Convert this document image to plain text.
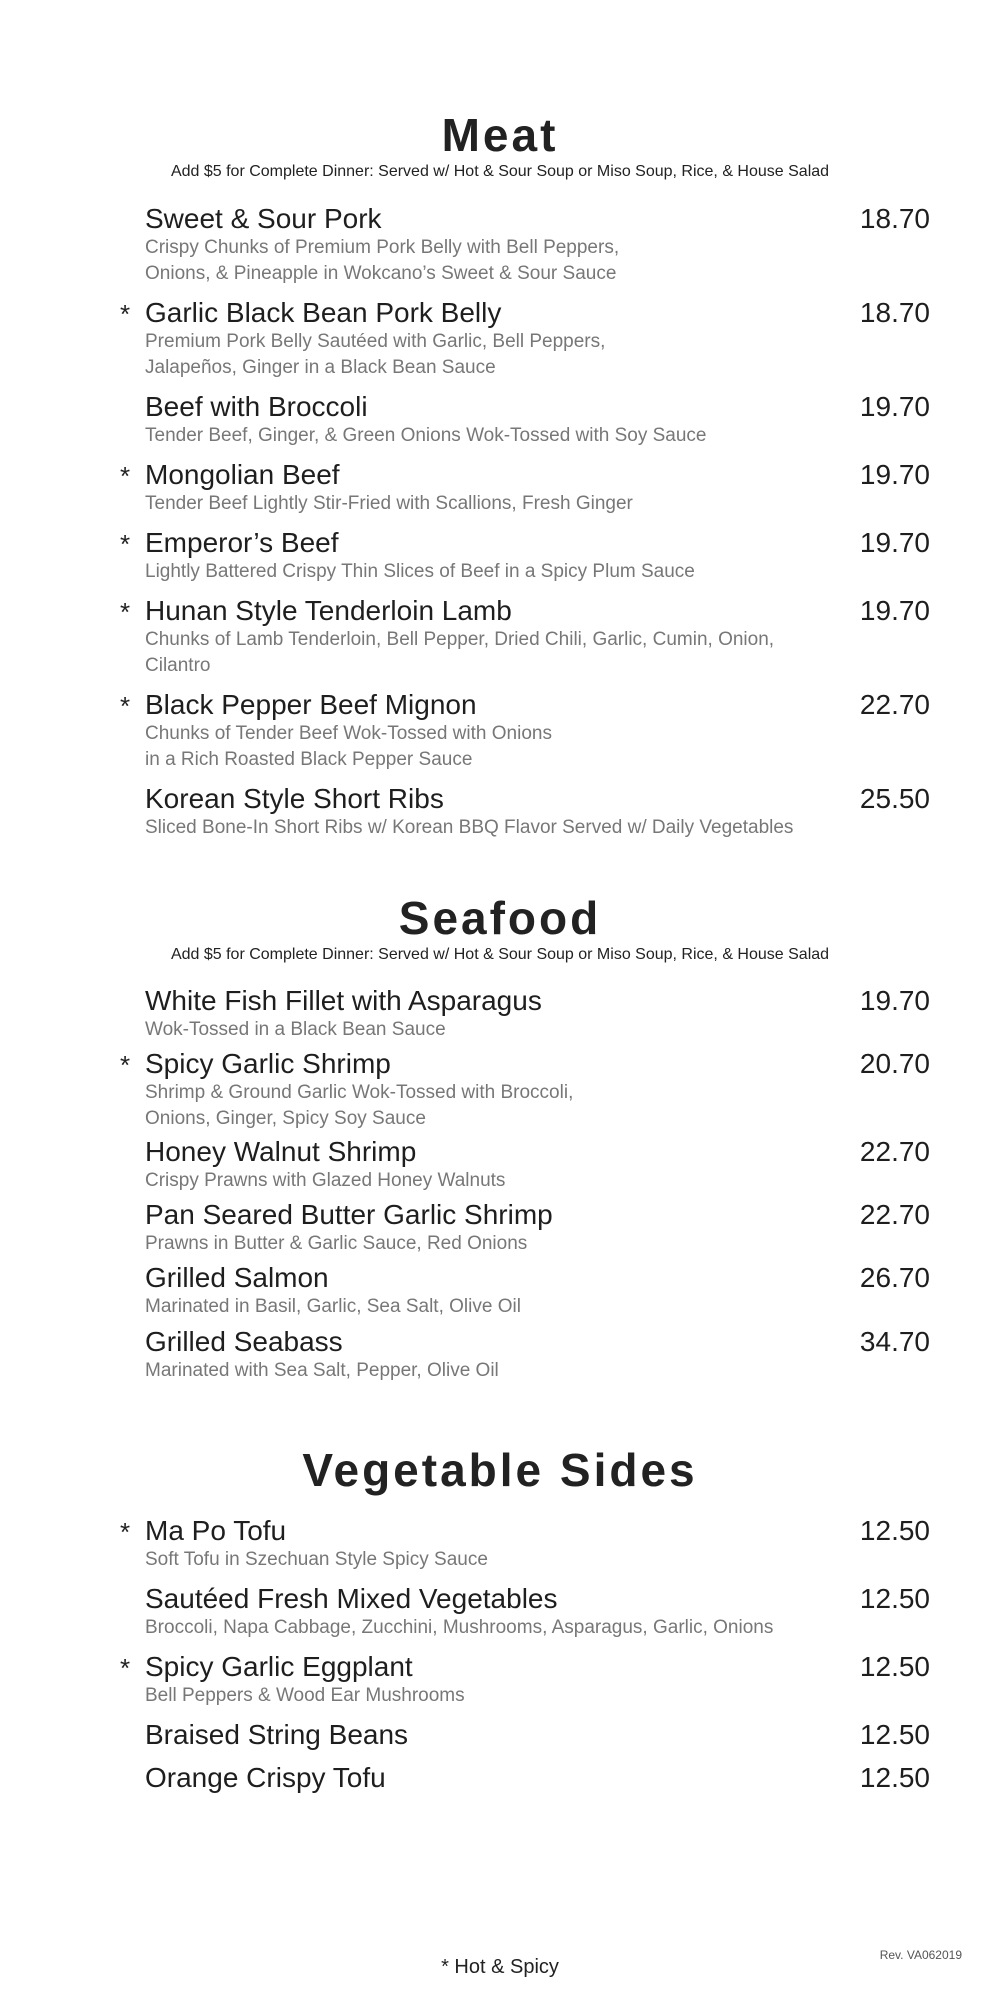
Meat
Add $5 for Complete Dinner: Served w/ Hot & Sour Soup or Miso Soup, Rice, & House Salad
Sweet & Sour Pork	18.70
Crispy Chunks of Premium Pork Belly with Bell Peppers,
Onions, & Pineapple in Wokcano’s Sweet & Sour Sauce
* Garlic Black Bean Pork Belly	18.70
Premium Pork Belly Sautéed with Garlic, Bell Peppers,
Jalapeños, Ginger in a Black Bean Sauce
Beef with Broccoli	19.70
Tender Beef, Ginger, & Green Onions Wok-Tossed with Soy Sauce
* Mongolian Beef	19.70
Tender Beef Lightly Stir-Fried with Scallions, Fresh Ginger
* Emperor’s Beef	19.70
Lightly Battered Crispy Thin Slices of Beef in a Spicy Plum Sauce
* Hunan Style Tenderloin Lamb	19.70
Chunks of Lamb Tenderloin, Bell Pepper, Dried Chili, Garlic, Cumin, Onion,
Cilantro
* Black Pepper Beef Mignon	22.70
Chunks of Tender Beef Wok-Tossed with Onions
in a Rich Roasted Black Pepper Sauce
Korean Style Short Ribs	25.50
Sliced Bone-In Short Ribs w/ Korean BBQ Flavor Served w/ Daily Vegetables
Seafood
Add $5 for Complete Dinner: Served w/ Hot & Sour Soup or Miso Soup, Rice, & House Salad
White Fish Fillet with Asparagus	19.70
Wok-Tossed in a Black Bean Sauce
* Spicy Garlic Shrimp	20.70
Shrimp & Ground Garlic Wok-Tossed with Broccoli,
Onions, Ginger, Spicy Soy Sauce
Honey Walnut Shrimp	22.70
Crispy Prawns with Glazed Honey Walnuts
Pan Seared Butter Garlic Shrimp	22.70
Prawns in Butter & Garlic Sauce, Red Onions
Grilled Salmon	26.70
Marinated in Basil, Garlic, Sea Salt, Olive Oil
Grilled Seabass	34.70
Marinated with Sea Salt, Pepper, Olive Oil
Vegetable Sides
* Ma Po Tofu	12.50
Soft Tofu in Szechuan Style Spicy Sauce
Sautéed Fresh Mixed Vegetables	12.50
Broccoli, Napa Cabbage, Zucchini, Mushrooms, Asparagus, Garlic, Onions
* Spicy Garlic Eggplant	12.50
Bell Peppers & Wood Ear Mushrooms
Braised String Beans	12.50
Orange Crispy Tofu	12.50
* Hot & Spicy
Rev. VA062019
